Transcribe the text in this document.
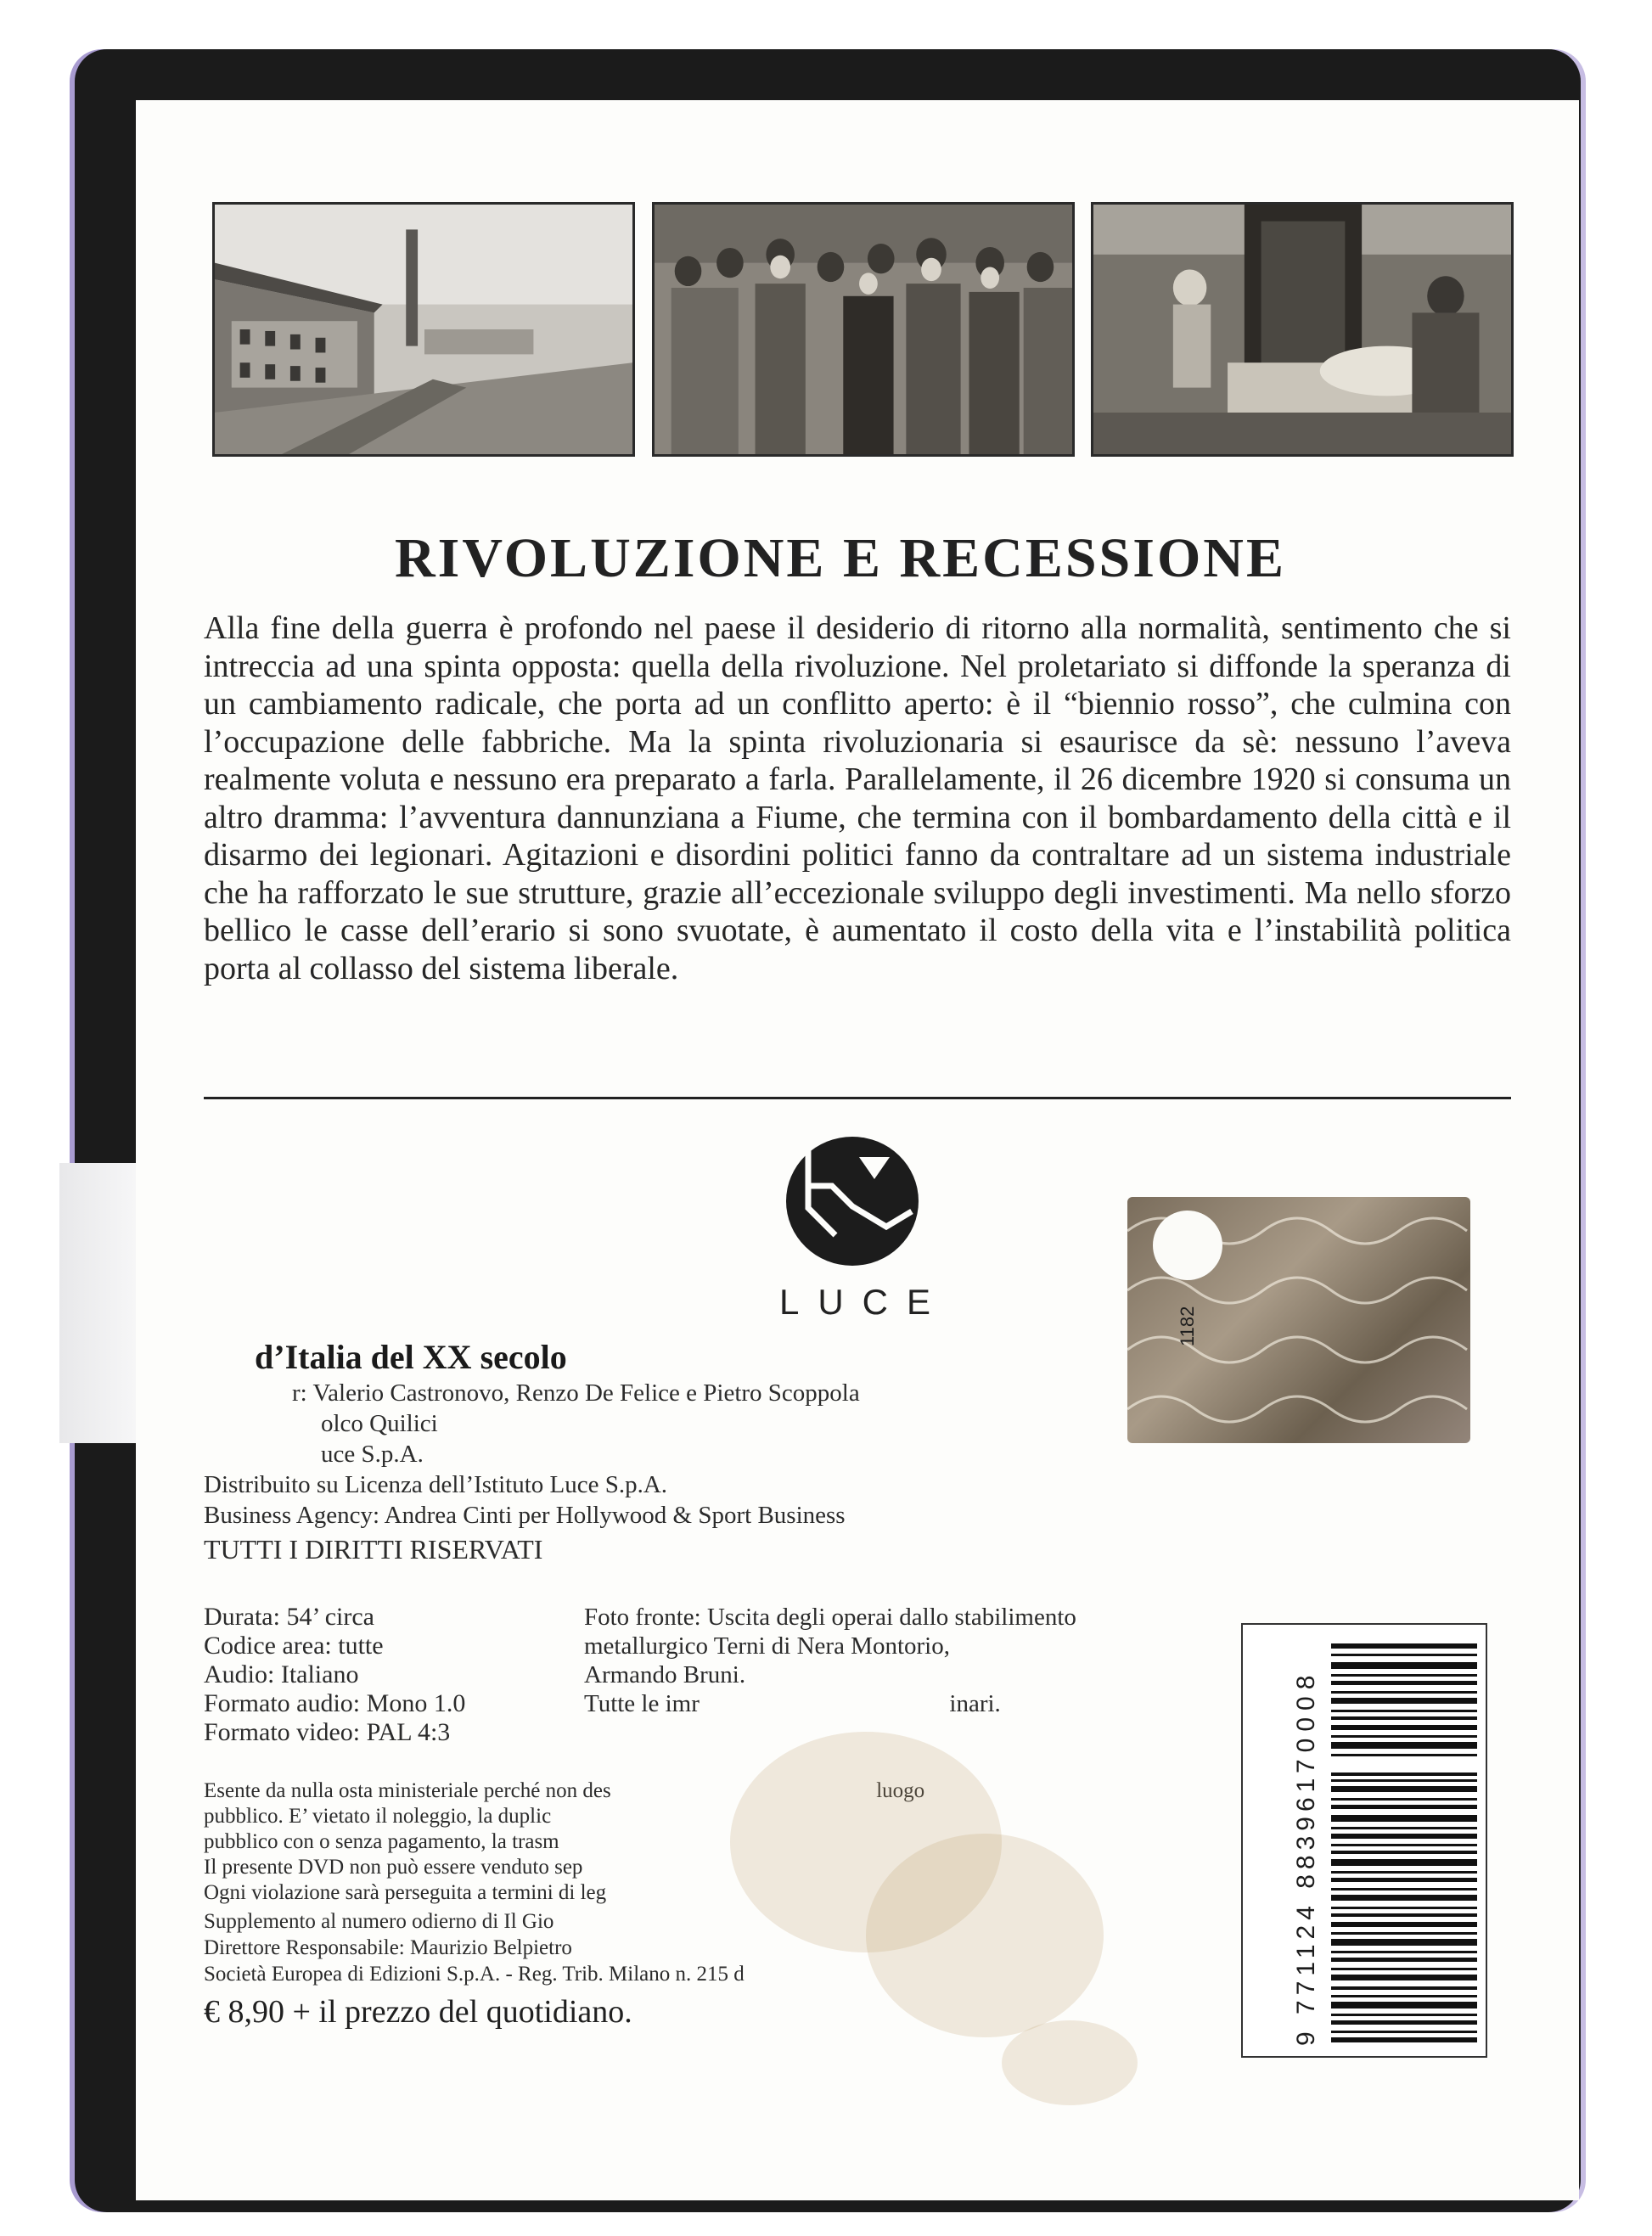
RIVOLUZIONE E RECESSIONE
Alla fine della guerra è profondo nel paese il desiderio di ritorno alla normalità, sentimento che si intreccia ad una spinta opposta: quella della rivoluzione. Nel proletariato si diffonde la speranza di un cambiamento radicale, che porta ad un conflitto aperto: è il “biennio rosso”, che culmina con l’occupazione delle fabbriche. Ma la spinta rivoluzionaria si esaurisce da sè: nessuno l’aveva realmente voluta e nessuno era preparato a farla. Parallelamente, il 26 dicembre 1920 si consuma un altro dramma: l’avventura dannunziana a Fiume, che termina con il bombardamento della città e il disarmo dei legionari. Agitazioni e disordini politici fanno da contraltare ad un sistema industriale che ha rafforzato le sue strutture, grazie all’eccezionale sviluppo degli investimenti. Ma nello sforzo bellico le casse dell’erario si sono svuotate, è aumentato il costo della vita e l’instabilità politica porta al collasso del sistema liberale.
LUCE
1182
d’Italia del XX secolo
r: Valerio Castronovo, Renzo De Felice e Pietro Scoppola
olco Quilici
uce S.p.A.
Distribuito su Licenza dell’Istituto Luce S.p.A.
Business Agency: Andrea Cinti per Hollywood & Sport Business
TUTTI I DIRITTI RISERVATI
Durata: 54’ circa
Codice area: tutte
Audio: Italiano
Formato audio: Mono 1.0
Formato video: PAL 4:3
Foto fronte: Uscita degli operai dallo stabilimento
metallurgico Terni di Nera Montorio,
Armando Bruni.
Tutte le imr	inari.
Esente da nulla osta ministeriale perché non des	luogo
pubblico. E’ vietato il noleggio, la duplic
pubblico con o senza pagamento, la trasm
Il presente DVD non può essere venduto sep
Ogni violazione sarà perseguita a termini di leg
Supplemento al numero odierno di Il Gio
Direttore Responsabile: Maurizio Belpietro
Società Europea di Edizioni S.p.A. - Reg. Trib. Milano n. 215 d
€ 8,90 + il prezzo del quotidiano.
70008
9 771124 883961
